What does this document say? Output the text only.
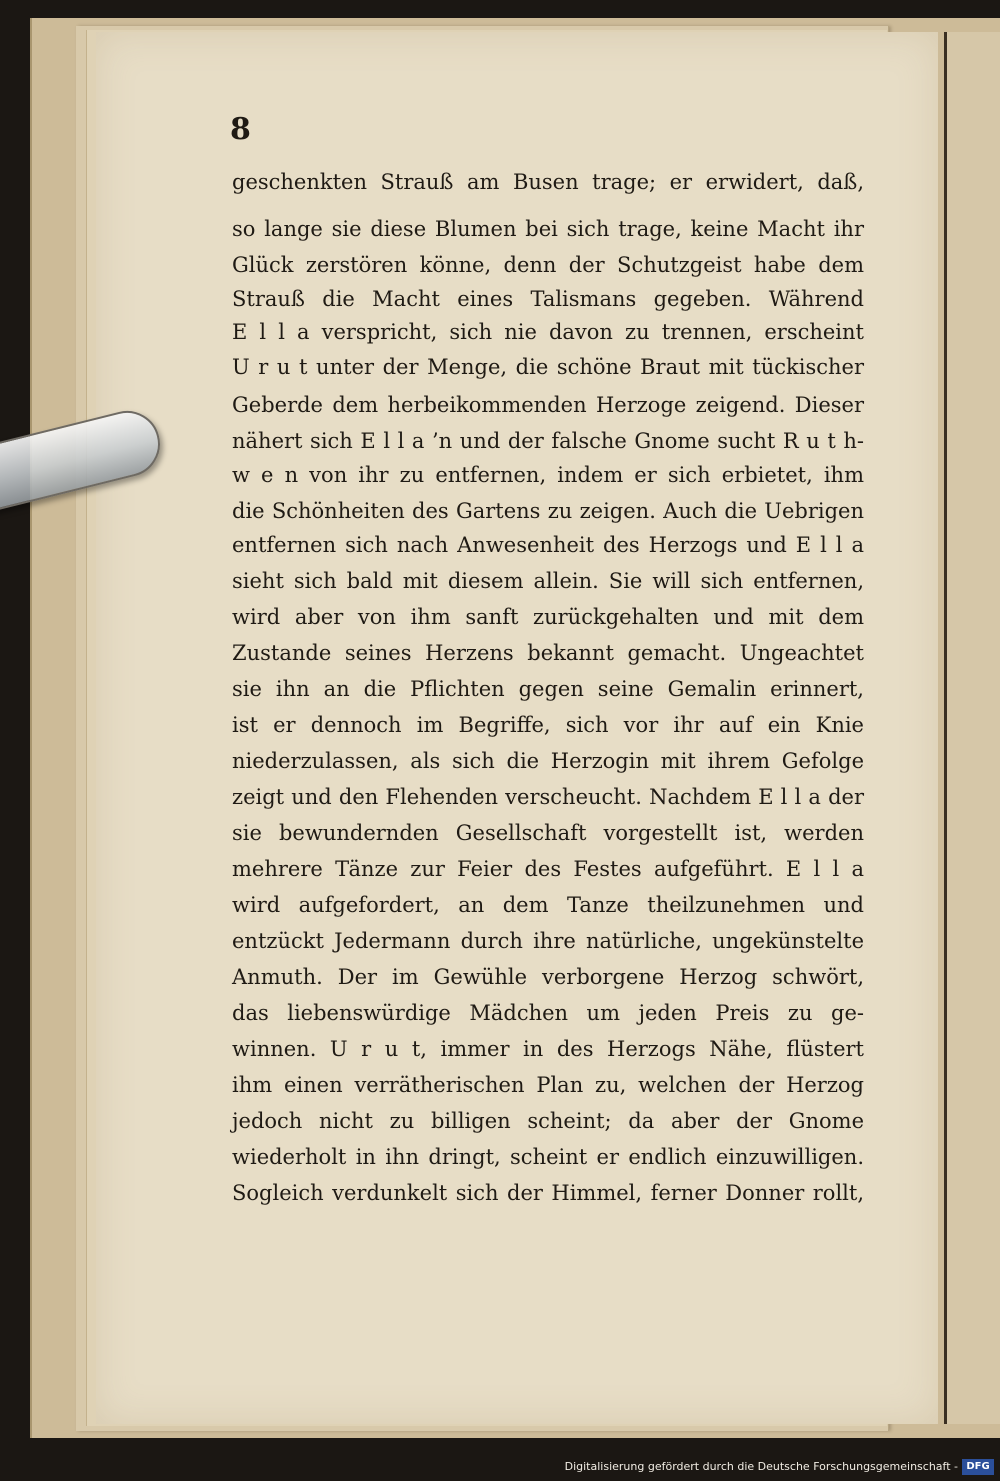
8
geschenkten Strauß am Busen trage; er erwidert, daß,
so lange sie diese Blumen bei sich trage, keine Macht ihr
Glück zerstören könne, denn der Schutzgeist habe dem
Strauß die Macht eines Talismans gegeben. Während
E l l a verspricht, sich nie davon zu trennen, erscheint
U r u t unter der Menge, die schöne Braut mit tückischer
Geberde dem herbeikommenden Herzoge zeigend. Dieser
nähert sich E l l a ’n und der falsche Gnome sucht R u t h-
w e n von ihr zu entfernen, indem er sich erbietet, ihm
die Schönheiten des Gartens zu zeigen. Auch die Uebrigen
entfernen sich nach Anwesenheit des Herzogs und E l l a
sieht sich bald mit diesem allein. Sie will sich entfernen,
wird aber von ihm sanft zurückgehalten und mit dem
Zustande seines Herzens bekannt gemacht. Ungeachtet
sie ihn an die Pflichten gegen seine Gemalin erinnert,
ist er dennoch im Begriffe, sich vor ihr auf ein Knie
niederzulassen, als sich die Herzogin mit ihrem Gefolge
zeigt und den Flehenden verscheucht. Nachdem E l l a der
sie bewundernden Gesellschaft vorgestellt ist, werden
mehrere Tänze zur Feier des Festes aufgeführt. E l l a
wird aufgefordert, an dem Tanze theilzunehmen und
entzückt Jedermann durch ihre natürliche, ungekünstelte
Anmuth. Der im Gewühle verborgene Herzog schwört,
das liebenswürdige Mädchen um jeden Preis zu ge-
winnen. U r u t, immer in des Herzogs Nähe, flüstert
ihm einen verrätherischen Plan zu, welchen der Herzog
jedoch nicht zu billigen scheint; da aber der Gnome
wiederholt in ihn dringt, scheint er endlich einzuwilligen.
Sogleich verdunkelt sich der Himmel, ferner Donner rollt,
Digitalisierung gefördert durch die Deutsche Forschungsgemeinschaft - DFG
